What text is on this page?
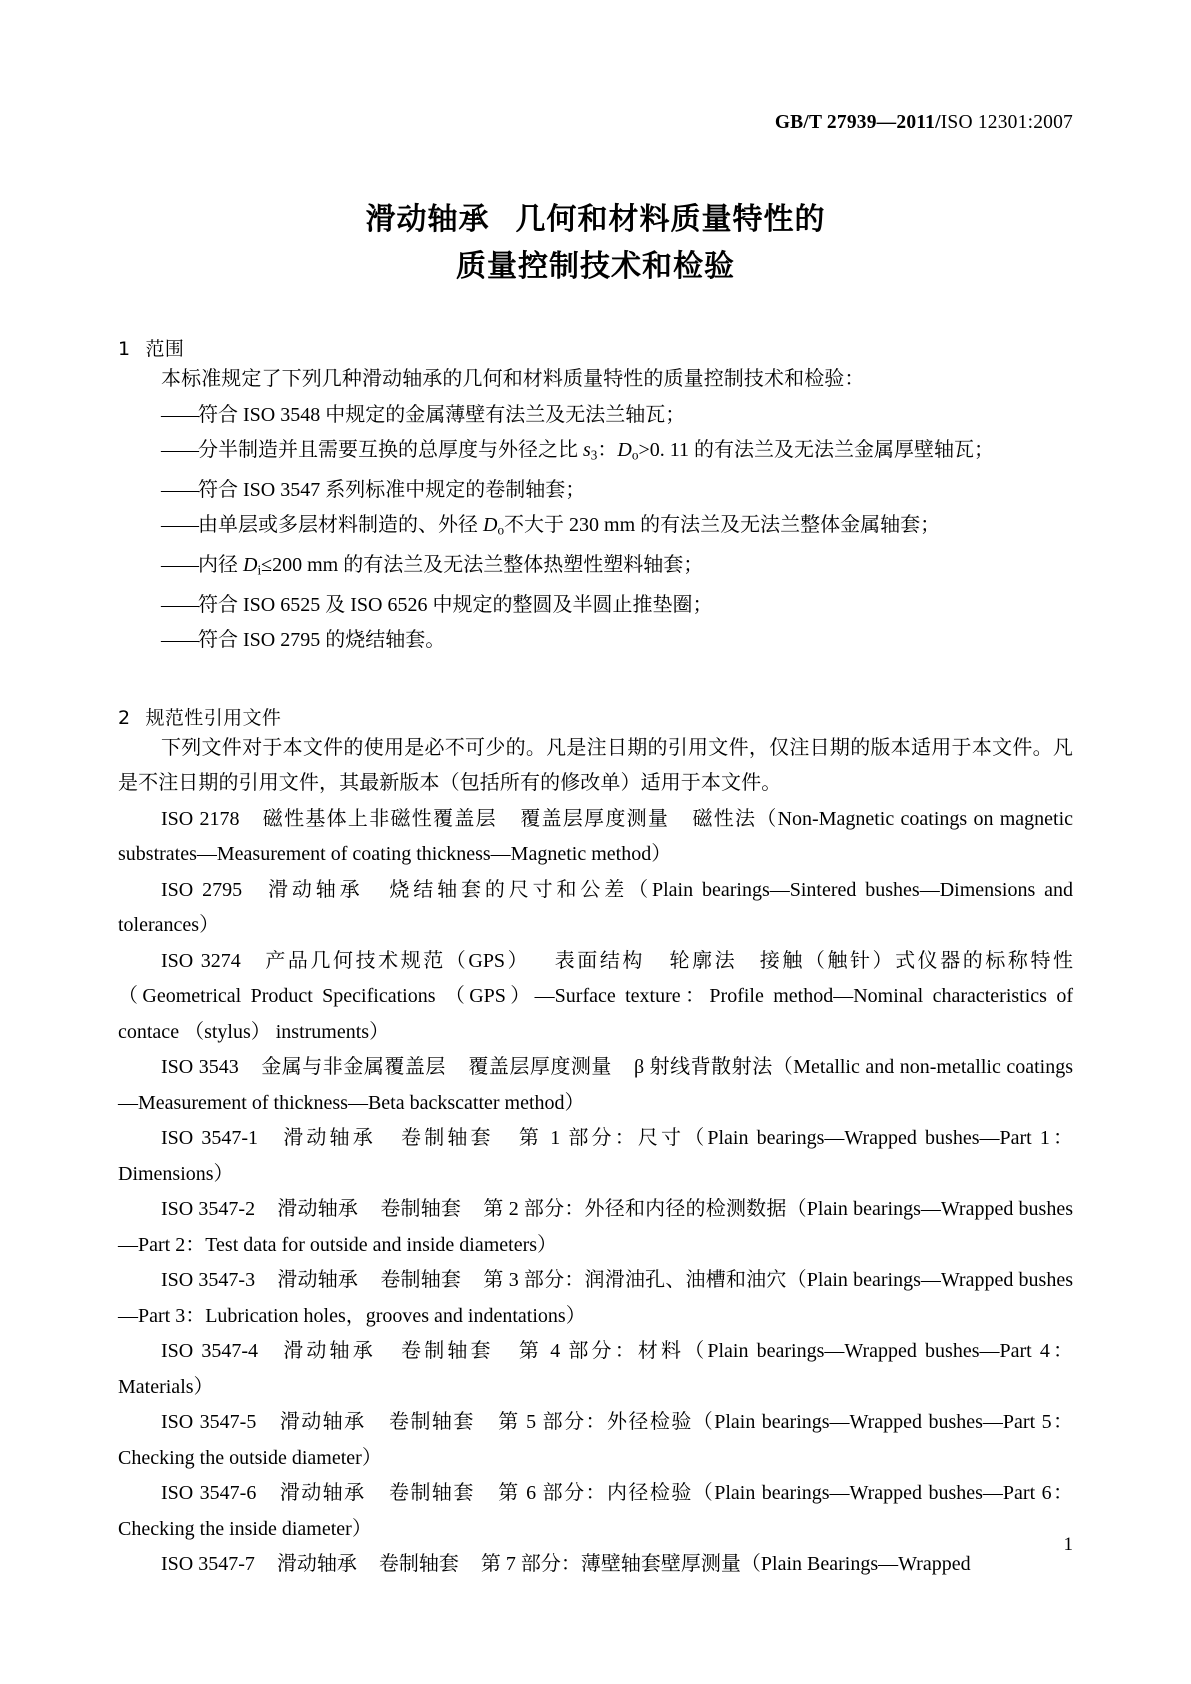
GB/T 27939—2011/ISO 12301:2007
滑动轴承 几何和材料质量特性的
质量控制技术和检验
1 范围

本标准规定了下列几种滑动轴承的几何和材料质量特性的质量控制技术和检验：

——符合 ISO 3548 中规定的金属薄壁有法兰及无法兰轴瓦；
——分半制造并且需要互换的总厚度与外径之比 $s_3$：$D_o>0$. 11 的有法兰及无法兰金属厚壁轴瓦；
——符合 ISO 3547 系列标准中规定的卷制轴套；
——由单层或多层材料制造的、外径 $D_o$不大于 230 mm 的有法兰及无法兰整体金属轴套；
——内径 $D_i\le 200$ mm 的有法兰及无法兰整体热塑性塑料轴套；
——符合 ISO 6525 及 ISO 6526 中规定的整圆及半圆止推垫圈；
——符合 ISO 2795 的烧结轴套。
2 规范性引用文件

下列文件对于本文件的使用是必不可少的。凡是注日期的引用文件，仅注日期的版本适用于本文件。凡是不注日期的引用文件，其最新版本（包括所有的修改单）适用于本文件。

ISO 2178 磁性基体上非磁性覆盖层 覆盖层厚度测量 磁性法（Non-Magnetic coatings on magnetic substrates—Measurement of coating thickness—Magnetic method）

ISO 2795 滑动轴承 烧结轴套的尺寸和公差（Plain bearings—Sintered bushes—Dimensions and tolerances）

ISO 3274 产品几何技术规范（GPS） 表面结构 轮廓法　接触（触针）式仪器的标称特性（Geometrical Product Specifications （GPS）—Surface texture：Profile method—Nominal characteristics of contace （stylus） instruments）

ISO 3543 金属与非金属覆盖层 覆盖层厚度测量 β 射线背散射法（Metallic and non-metallic coatings—Measurement of thickness—Beta backscatter method）

ISO 3547-1 滑动轴承 卷制轴套 第 1 部分：尺寸（Plain bearings—Wrapped bushes—Part 1：Dimensions）

ISO 3547-2 滑动轴承 卷制轴套 第 2 部分：外径和内径的检测数据（Plain bearings—Wrapped bushes—Part 2：Test data for outside and inside diameters）

ISO 3547-3 滑动轴承 卷制轴套 第 3 部分：润滑油孔、油槽和油穴（Plain bearings—Wrapped bushes—Part 3：Lubrication holes，grooves and indentations）

ISO 3547-4 滑动轴承 卷制轴套 第 4 部分：材料（Plain bearings—Wrapped bushes—Part 4：Materials）

ISO 3547-5 滑动轴承 卷制轴套 第 5 部分：外径检验（Plain bearings—Wrapped bushes—Part 5：Checking the outside diameter）

ISO 3547-6 滑动轴承 卷制轴套 第 6 部分：内径检验（Plain bearings—Wrapped bushes—Part 6：Checking the inside diameter）

ISO 3547-7 滑动轴承 卷制轴套 第 7 部分：薄壁轴套壁厚测量（Plain Bearings—Wrapped

1
